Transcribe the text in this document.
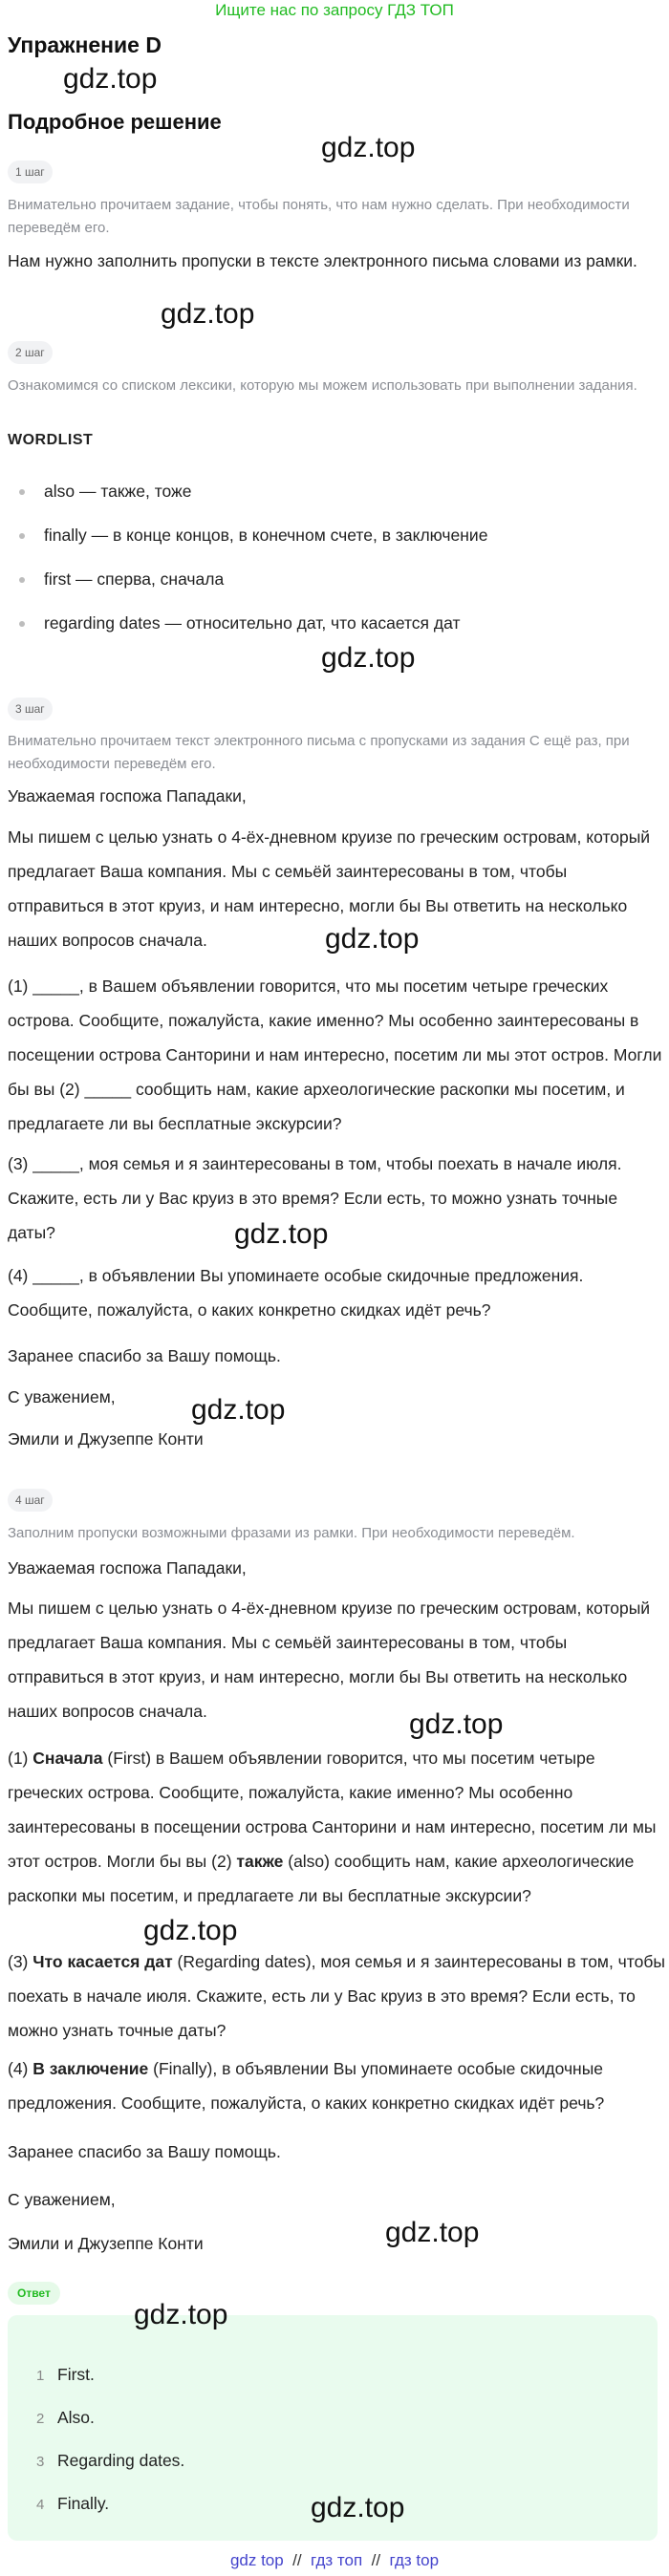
Ищите нас по запросу ГДЗ ТОП
Упражнение D
gdz.top
Подробное решение
gdz.top
1 шаг
Внимательно прочитаем задание, чтобы понять, что нам нужно сделать. При необходимости переведём его.
Нам нужно заполнить пропуски в тексте электронного письма словами из рамки.
gdz.top
2 шаг
Ознакомимся со списком лексики, которую мы можем использовать при выполнении задания.
WORDLIST
also — также, тоже
finally — в конце концов, в конечном счете, в заключение
first — сперва, сначала
regarding dates — относительно дат, что касается дат
gdz.top
3 шаг
Внимательно прочитаем текст электронного письма с пропусками из задания C ещё раз, при необходимости переведём его.
Уважаемая госпожа Пападаки,
Мы пишем с целью узнать о 4-ёх-дневном круизе по греческим островам, который предлагает Ваша компания. Мы с семьёй заинтересованы в том, чтобы отправиться в этот круиз, и нам интересно, могли бы Вы ответить на несколько наших вопросов сначала.	gdz.top
(1) _____, в Вашем объявлении говорится, что мы посетим четыре греческих острова. Сообщите, пожалуйста, какие именно? Мы особенно заинтересованы в посещении острова Санторини и нам интересно, посетим ли мы этот остров. Могли бы вы (2) _____ сообщить нам, какие археологические раскопки мы посетим, и предлагаете ли вы бесплатные экскурсии?
(3) _____, моя семья и я заинтересованы в том, чтобы поехать в начале июля. Скажите, есть ли у Вас круиз в это время? Если есть, то можно узнать точные даты?	gdz.top
(4) _____, в объявлении Вы упоминаете особые скидочные предложения. Сообщите, пожалуйста, о каких конкретно скидках идёт речь?
Заранее спасибо за Вашу помощь.
С уважением,	gdz.top
Эмили и Джузеппе Конти
4 шаг
Заполним пропуски возможными фразами из рамки. При необходимости переведём.
Уважаемая госпожа Пападаки,
Мы пишем с целью узнать о 4-ёх-дневном круизе по греческим островам, который предлагает Ваша компания. Мы с семьёй заинтересованы в том, чтобы отправиться в этот круиз, и нам интересно, могли бы Вы ответить на несколько наших вопросов сначала.	gdz.top
(1) Сначала (First) в Вашем объявлении говорится, что мы посетим четыре греческих острова. Сообщите, пожалуйста, какие именно? Мы особенно заинтересованы в посещении острова Санторини и нам интересно, посетим ли мы этот остров. Могли бы вы (2) также (also) сообщить нам, какие археологические раскопки мы посетим, и предлагаете ли вы бесплатные экскурсии?
gdz.top
(3) Что касается дат (Regarding dates), моя семья и я заинтересованы в том, чтобы поехать в начале июля. Скажите, есть ли у Вас круиз в это время? Если есть, то можно узнать точные даты?
(4) В заключение (Finally), в объявлении Вы упоминаете особые скидочные предложения. Сообщите, пожалуйста, о каких конкретно скидках идёт речь?
Заранее спасибо за Вашу помощь.
С уважением,
gdz.top
Эмили и Джузеппе Конти
Ответ
gdz.top
1 First.
2 Also.
3 Regarding dates.
4 Finally.	gdz.top
gdz top  //  гдз топ  //  гдз top
